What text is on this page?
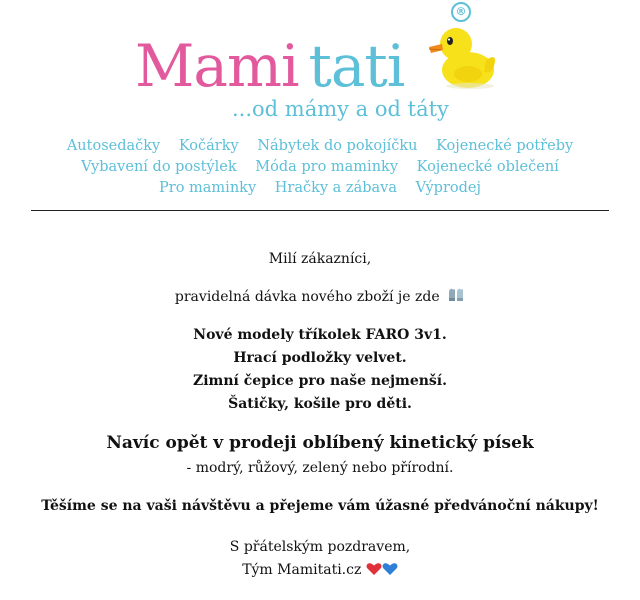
Mami tati
...od mámy a od táty
®
Autosedačky Kočárky Nábytek do pokojíčku Kojenecké potřeby
Vybavení do postýlek Móda pro maminky Kojenecké oblečení
Pro maminky Hračky a zábava Výprodej
Milí zákazníci,
pravidelná dávka nového zboží je zde
Nové modely tříkolek FARO 3v1.
Hrací podložky velvet.
Zimní čepice pro naše nejmenší.
Šatičky, košile pro děti.
Navíc opět v prodeji oblíbený kinetický písek
- modrý, růžový, zelený nebo přírodní.
Těšíme se na vaši návštěvu a přejeme vám úžasné předvánoční nákupy!
S přátelským pozdravem,
Tým Mamitati.cz
